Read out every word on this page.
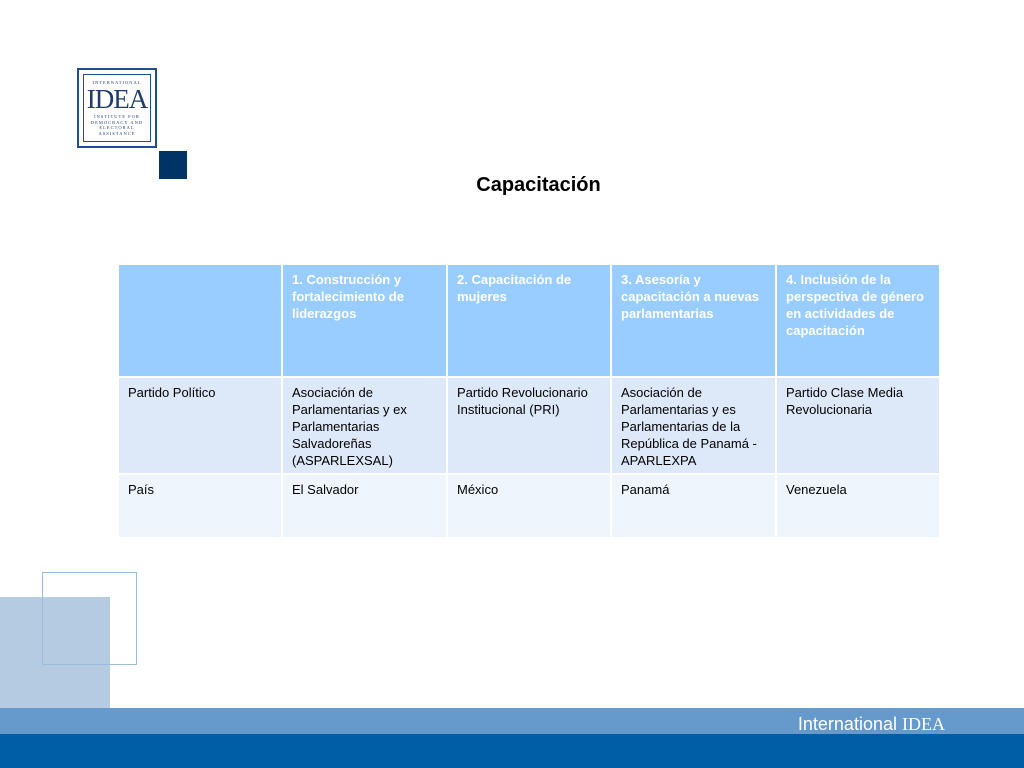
INTERNATIONAL
IDEA
INSTITUTE FOR
DEMOCRACY AND
ELECTORAL
ASSISTANCE
Capacitación
	1. Construcción y fortalecimiento de liderazgos	2. Capacitación de mujeres	3. Asesoría y capacitación a nuevas parlamentarias	4. Inclusión de la perspectiva de género en actividades de capacitación
Partido Político	Asociación de Parlamentarias y ex Parlamentarias Salvadoreñas (ASPARLEXSAL)	Partido Revolucionario Institucional (PRI)	Asociación de Parlamentarias y es Parlamentarias de la República de Panamá - APARLEXPA	Partido Clase Media Revolucionaria
País	El Salvador	México	Panamá	Venezuela
International IDEA
